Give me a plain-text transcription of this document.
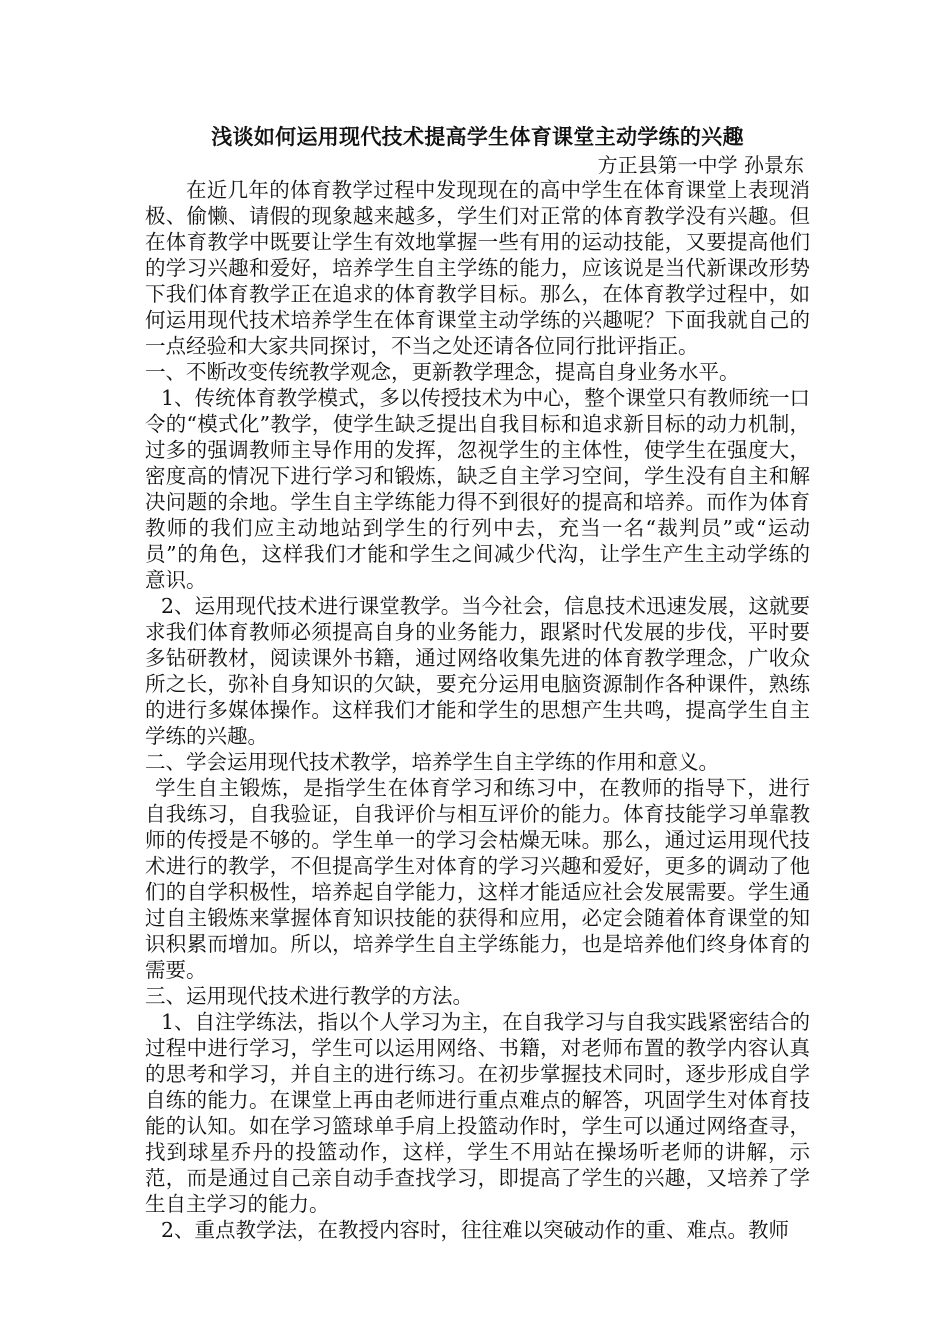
浅谈如何运用现代技术提高学生体育课堂主动学练的兴趣

方正县第一中学 孙景东

在近几年的体育教学过程中发现现在的高中学生在体育课堂上表现消极、偷懒、请假的现象越来越多，学生们对正常的体育教学没有兴趣。但在体育教学中既要让学生有效地掌握一些有用的运动技能，又要提高他们的学习兴趣和爱好，培养学生自主学练的能力，应该说是当代新课改形势下我们体育教学正在追求的体育教学目标。那么，在体育教学过程中，如何运用现代技术培养学生在体育课堂主动学练的兴趣呢？下面我就自己的一点经验和大家共同探讨，不当之处还请各位同行批评指正。

一、不断改变传统教学观念，更新教学理念，提高自身业务水平。

1、传统体育教学模式，多以传授技术为中心，整个课堂只有教师统一口令的“模式化”教学，使学生缺乏提出自我目标和追求新目标的动力机制，过多的强调教师主导作用的发挥，忽视学生的主体性，使学生在强度大，密度高的情况下进行学习和锻炼，缺乏自主学习空间，学生没有自主和解决问题的余地。学生自主学练能力得不到很好的提高和培养。而作为体育教师的我们应主动地站到学生的行列中去，充当一名“裁判员”或“运动员”的角色，这样我们才能和学生之间减少代沟，让学生产生主动学练的意识。

2、运用现代技术进行课堂教学。当今社会，信息技术迅速发展，这就要求我们体育教师必须提高自身的业务能力，跟紧时代发展的步伐，平时要多钻研教材，阅读课外书籍，通过网络收集先进的体育教学理念，广收众所之长，弥补自身知识的欠缺，要充分运用电脑资源制作各种课件，熟练的进行多媒体操作。这样我们才能和学生的思想产生共鸣，提高学生自主学练的兴趣。

二、学会运用现代技术教学，培养学生自主学练的作用和意义。

学生自主锻炼，是指学生在体育学习和练习中，在教师的指导下，进行自我练习，自我验证，自我评价与相互评价的能力。体育技能学习单靠教师的传授是不够的。学生单一的学习会枯燥无味。那么，通过运用现代技术进行的教学，不但提高学生对体育的学习兴趣和爱好，更多的调动了他们的自学积极性，培养起自学能力，这样才能适应社会发展需要。学生通过自主锻炼来掌握体育知识技能的获得和应用，必定会随着体育课堂的知识积累而增加。所以，培养学生自主学练能力，也是培养他们终身体育的需要。

三、运用现代技术进行教学的方法。

1、自注学练法，指以个人学习为主，在自我学习与自我实践紧密结合的过程中进行学习，学生可以运用网络、书籍，对老师布置的教学内容认真的思考和学习，并自主的进行练习。在初步掌握技术同时，逐步形成自学自练的能力。在课堂上再由老师进行重点难点的解答，巩固学生对体育技能的认知。如在学习篮球单手肩上投篮动作时，学生可以通过网络查寻，找到球星乔丹的投篮动作，这样，学生不用站在操场听老师的讲解，示范，而是通过自己亲自动手查找学习，即提高了学生的兴趣，又培养了学生自主学习的能力。

2、重点教学法，在教授内容时，往往难以突破动作的重、难点。教师
